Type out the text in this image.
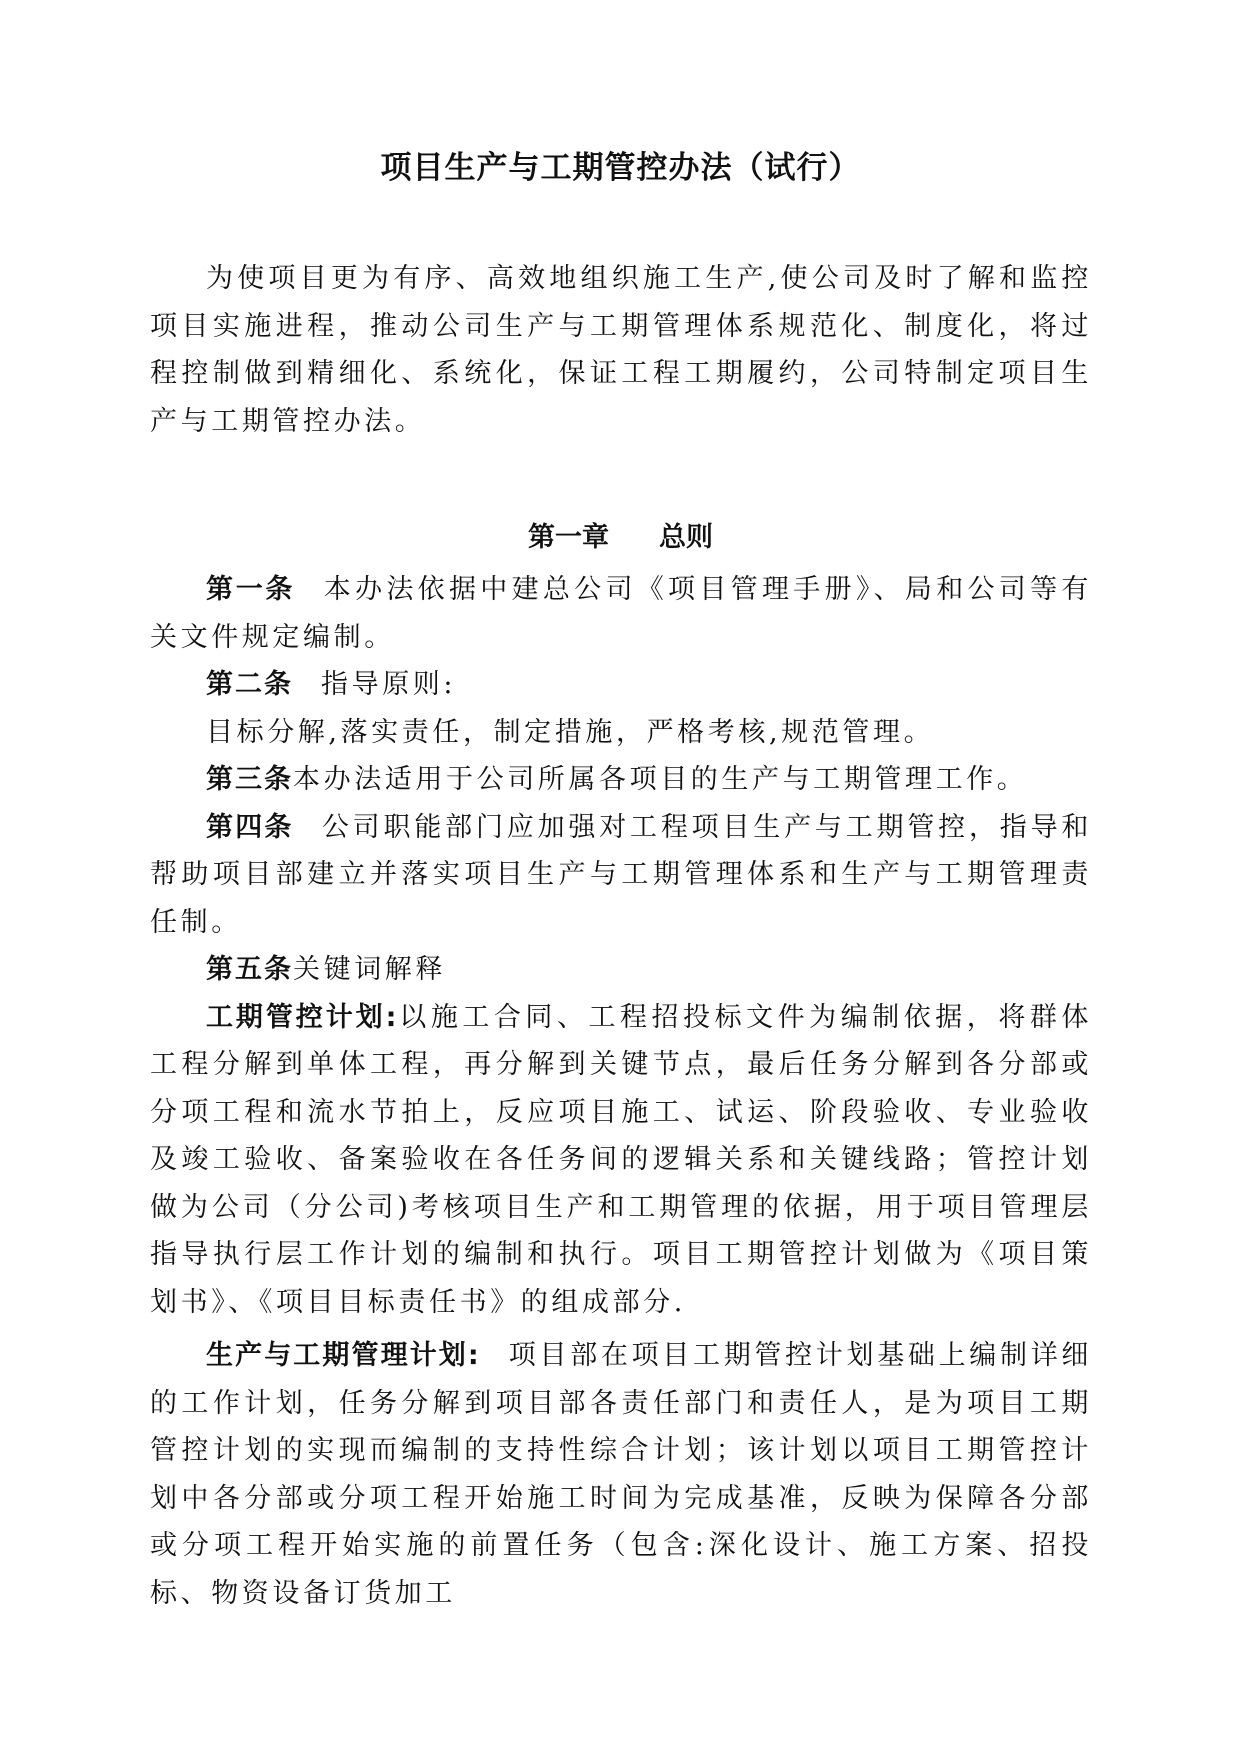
项目生产与工期管控办法（试行）

为使项目更为有序、高效地组织施工生产,使公司及时了解和监控项目实施进程，推动公司生产与工期管理体系规范化、制度化，将过程控制做到精细化、系统化，保证工程工期履约，公司特制定项目生产与工期管控办法。

第一章 总则

第一条 本办法依据中建总公司《项目管理手册》、局和公司等有关文件规定编制。

第二条 指导原则:

目标分解,落实责任，制定措施，严格考核,规范管理。

第三条本办法适用于公司所属各项目的生产与工期管理工作。

第四条 公司职能部门应加强对工程项目生产与工期管控，指导和帮助项目部建立并落实项目生产与工期管理体系和生产与工期管理责任制。

第五条关键词解释

工期管控计划:以施工合同、工程招投标文件为编制依据，将群体工程分解到单体工程，再分解到关键节点，最后任务分解到各分部或分项工程和流水节拍上，反应项目施工、试运、阶段验收、专业验收及竣工验收、备案验收在各任务间的逻辑关系和关键线路；管控计划做为公司（分公司)考核项目生产和工期管理的依据，用于项目管理层指导执行层工作计划的编制和执行。项目工期管控计划做为《项目策划书》、《项目目标责任书》的组成部分.

生产与工期管理计划: 项目部在项目工期管控计划基础上编制详细的工作计划，任务分解到项目部各责任部门和责任人，是为项目工期管控计划的实现而编制的支持性综合计划；该计划以项目工期管控计划中各分部或分项工程开始施工时间为完成基准，反映为保障各分部或分项工程开始实施的前置任务（包含:深化设计、施工方案、招投标、物资设备订货加工
